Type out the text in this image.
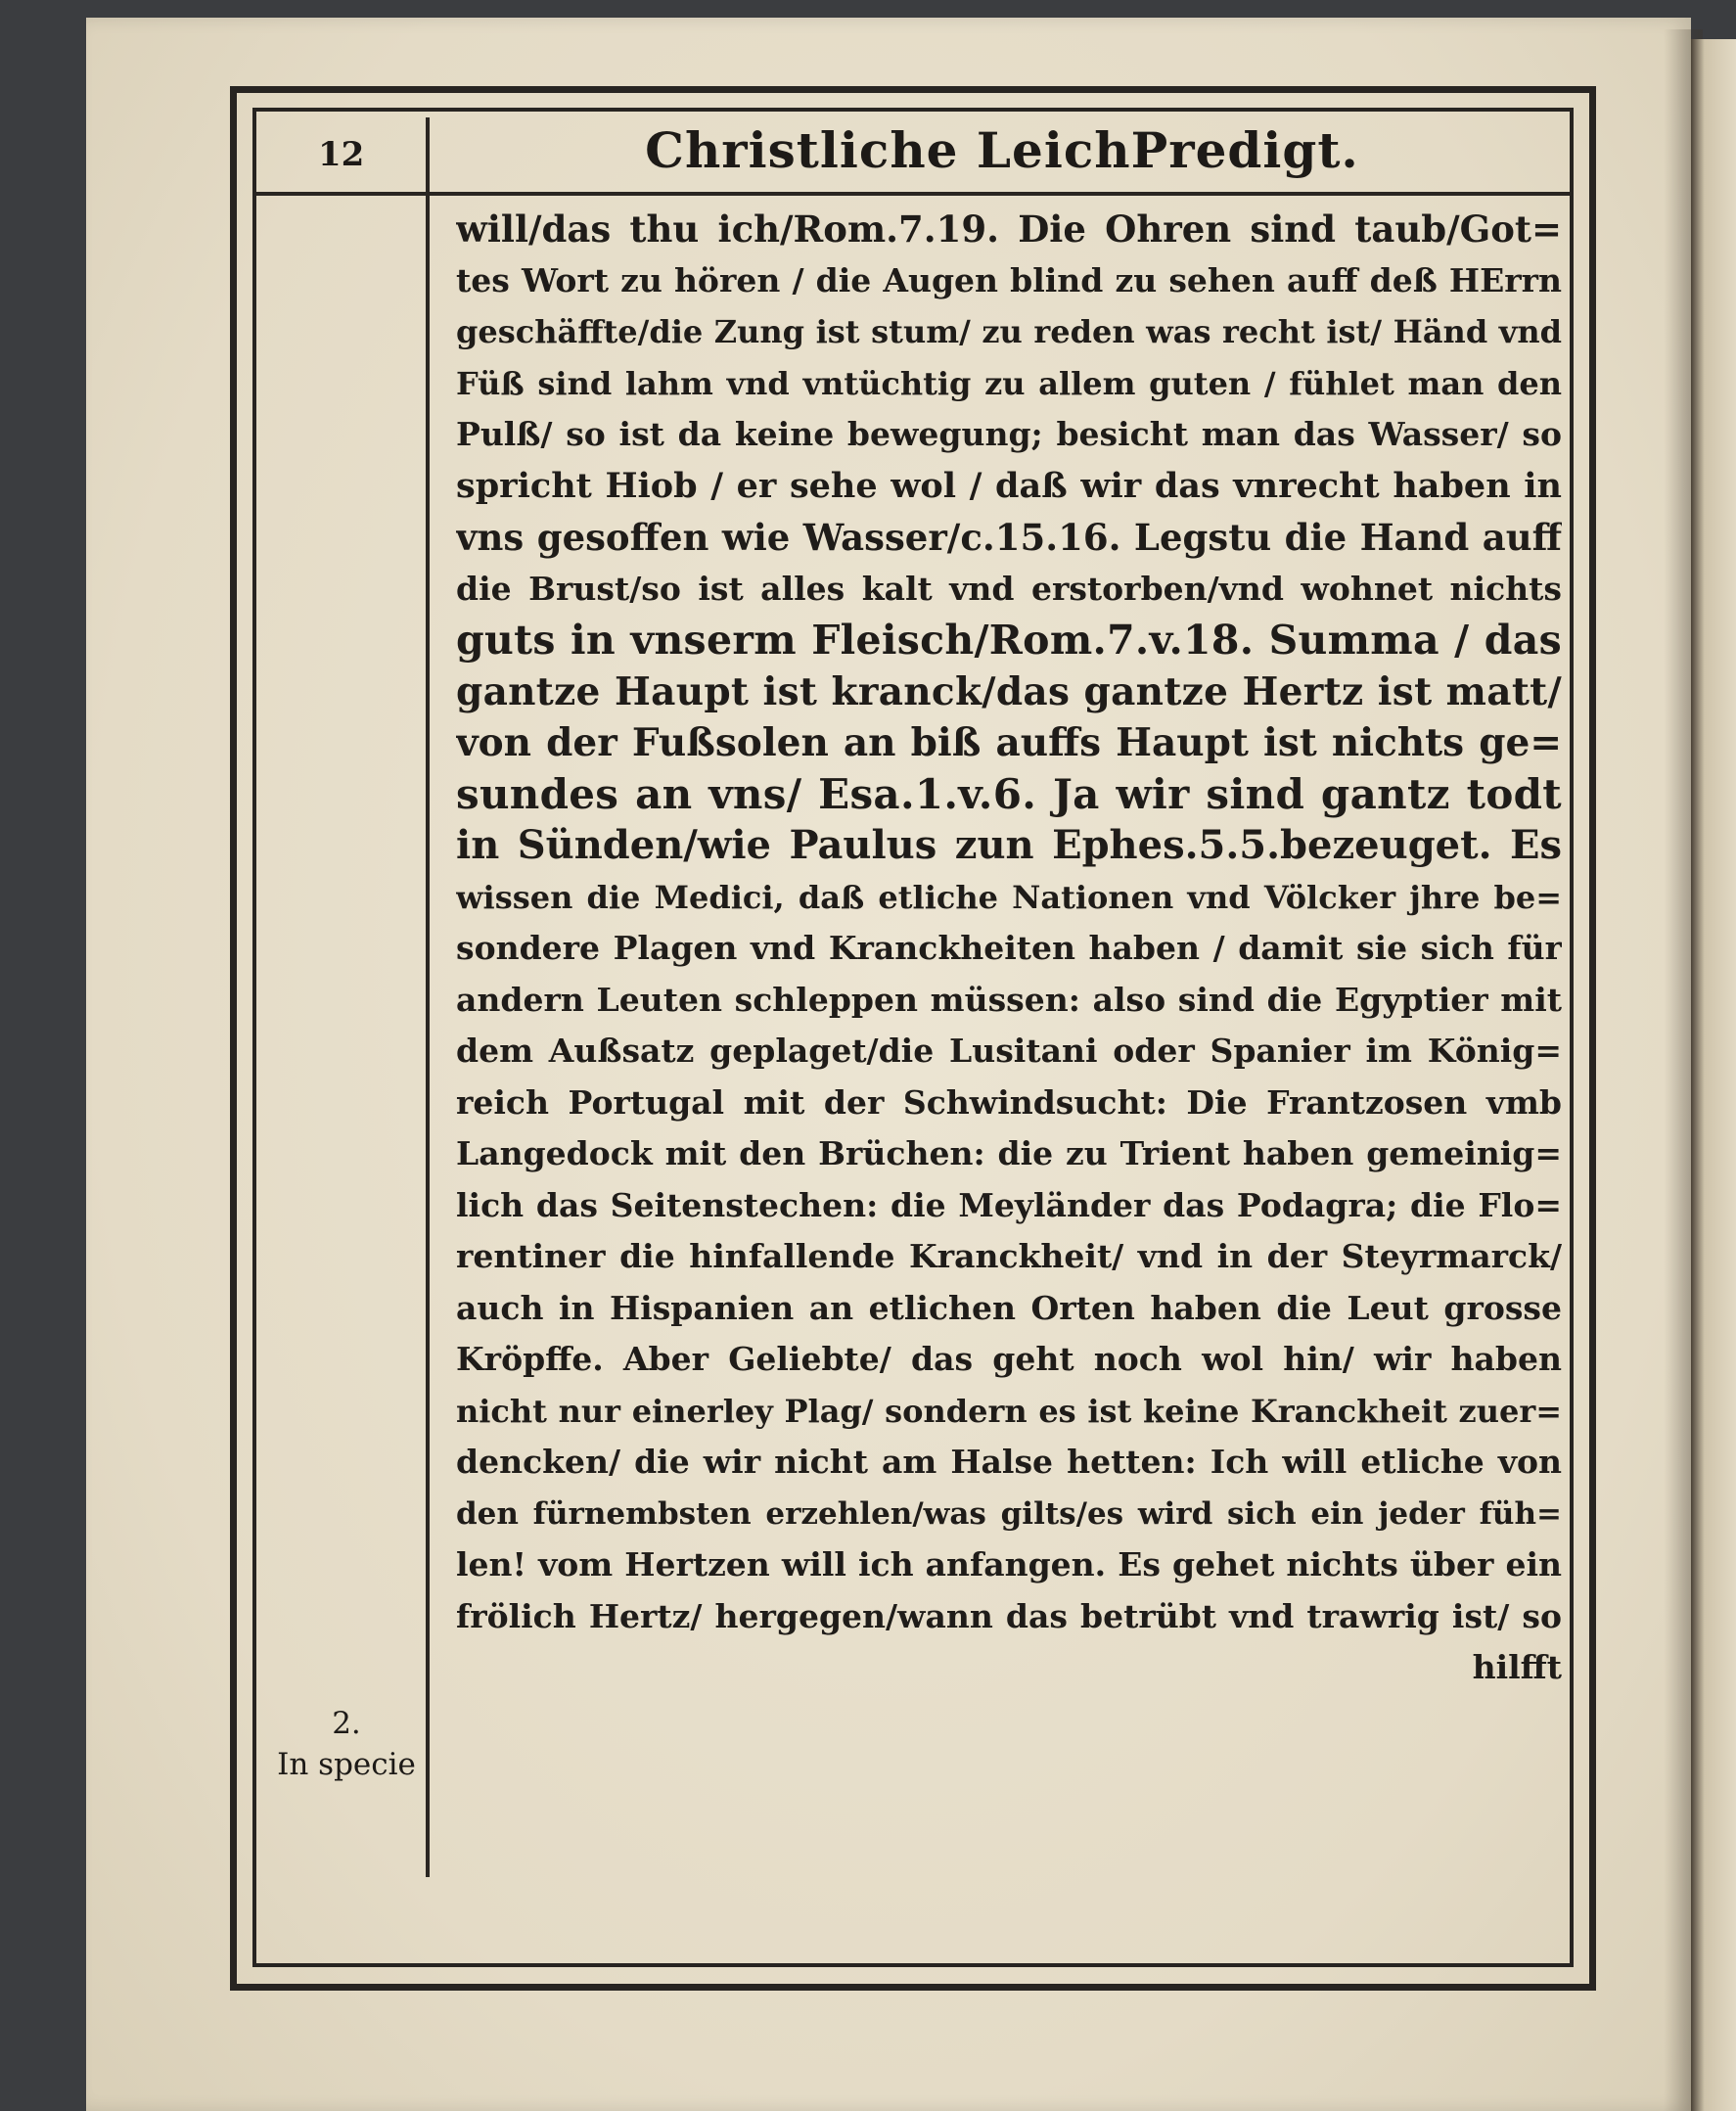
12	Christliche LeichPredigt.
2.
In specie
will/das thu ich/Rom.7.19. Die Ohren sind taub/Got=
tes Wort zu hören / die Augen blind zu sehen auff deß HErrn
geschäffte/die Zung ist stum/ zu reden was recht ist/ Händ vnd
Füß sind lahm vnd vntüchtig zu allem guten / fühlet man den
Pulß/ so ist da keine bewegung; besicht man das Wasser/ so
spricht Hiob / er sehe wol / daß wir das vnrecht haben in
vns gesoffen wie Wasser/c.15.16. Legstu die Hand auff
die Brust/so ist alles kalt vnd erstorben/vnd wohnet nichts
guts in vnserm Fleisch/Rom.7.v.18. Summa / das
gantze Haupt ist kranck/das gantze Hertz ist matt/
von der Fußsolen an biß auffs Haupt ist nichts ge=
sundes an vns/ Esa.1.v.6. Ja wir sind gantz todt
in Sünden/wie Paulus zun Ephes.5.5.bezeuget. Es
wissen die Medici, daß etliche Nationen vnd Völcker jhre be=
sondere Plagen vnd Kranckheiten haben / damit sie sich für
andern Leuten schleppen müssen: also sind die Egyptier mit
dem Außsatz geplaget/die Lusitani oder Spanier im König=
reich Portugal mit der Schwindsucht: Die Frantzosen vmb
Langedock mit den Brüchen: die zu Trient haben gemeinig=
lich das Seitenstechen: die Meyländer das Podagra; die Flo=
rentiner die hinfallende Kranckheit/ vnd in der Steyrmarck/
auch in Hispanien an etlichen Orten haben die Leut grosse
Kröpffe. Aber Geliebte/ das geht noch wol hin/ wir haben
nicht nur einerley Plag/ sondern es ist keine Kranckheit zuer=
dencken/ die wir nicht am Halse hetten: Ich will etliche von
den fürnembsten erzehlen/was gilts/es wird sich ein jeder füh=
len! vom Hertzen will ich anfangen. Es gehet nichts über ein
frölich Hertz/ hergegen/wann das betrübt vnd trawrig ist/ so
hilfft
